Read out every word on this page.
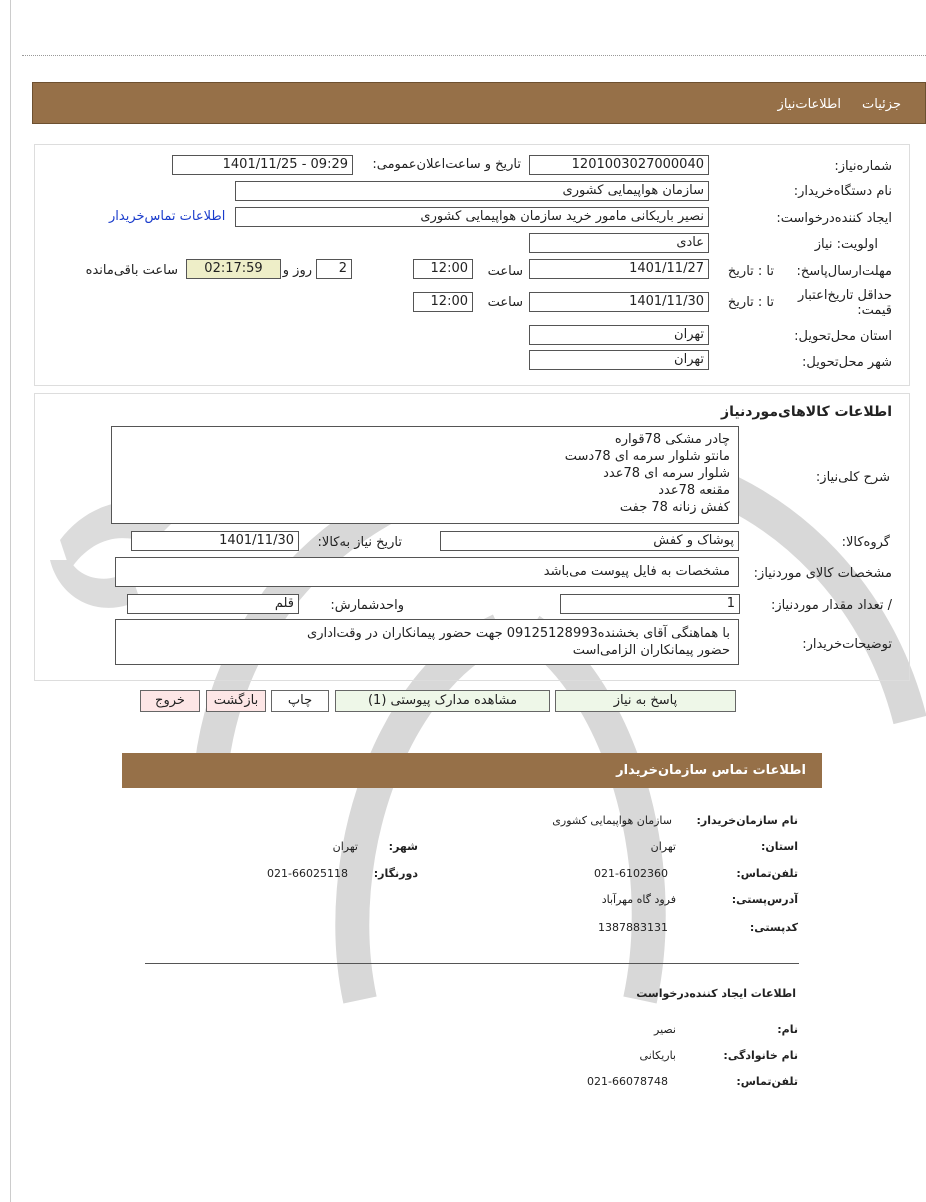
جزئیات
اطلاعات‌نیاز
شماره‌نیاز:
1201003027000040
تاریخ و ساعت‌اعلان‌عمومی:
1401/11/25 - 09:29
نام دستگاه‌خریدار:
سازمان هواپیمایی کشوری
ایجاد کننده‌درخواست:
نصیر باریکانی مامور خرید سازمان هواپیمایی کشوری
اطلاعات تماس‌خریدار
اولویت: نیاز
عادی
مهلت‌ارسال‌پاسخ:
تا : تاریخ
1401/11/27
ساعت
12:00
2
روز و
02:17:59
ساعت باقی‌مانده
حداقل تاریخ‌اعتبار قیمت:
تا : تاریخ
1401/11/30
ساعت
12:00
استان محل‌تحویل:
تهران
شهر محل‌تحویل:
تهران
اطلاعات کالاهای‌موردنیاز
شرح کلی‌نیاز:
چادر مشکی 78قواره
مانتو شلوار سرمه ای 78دست
شلوار سرمه ای 78عدد
مقنعه 78عدد
کفش زنانه 78 جفت
گروه‌کالا:
پوشاک و کفش
تاریخ نیاز به‌کالا:
1401/11/30
مشخصات کالای مورد‌نیاز:
مشخصات به فایل پیوست می‌باشد
/ تعداد مقدار مورد‌نیاز:
1
واحد‌شمارش:
قلم
توضیحات‌خریدار:
با هماهنگی آقای بخشنده09125128993 جهت حضور پیمانکاران در وقت‌اداری
حضور پیمانکاران الزامی‌است
پاسخ به نیاز
مشاهده مدارک پیوستی (1)
چاپ
بازگشت
خروج
اطلاعات تماس سازمان‌خریدار
نام سازمان‌خریدار:
سازمان هواپیمایی کشوری
استان:
تهران
شهر:
تهران
تلفن‌تماس:
021-6102360
دورنگار:
021-66025118
آدرس‌پستی:
فرود گاه مهرآباد
کد‌پستی:
1387883131
اطلاعات ایجاد کننده‌درخواست
نام:
نصیر
نام خانوادگی:
باریکانی
تلفن‌تماس:
021-66078748
